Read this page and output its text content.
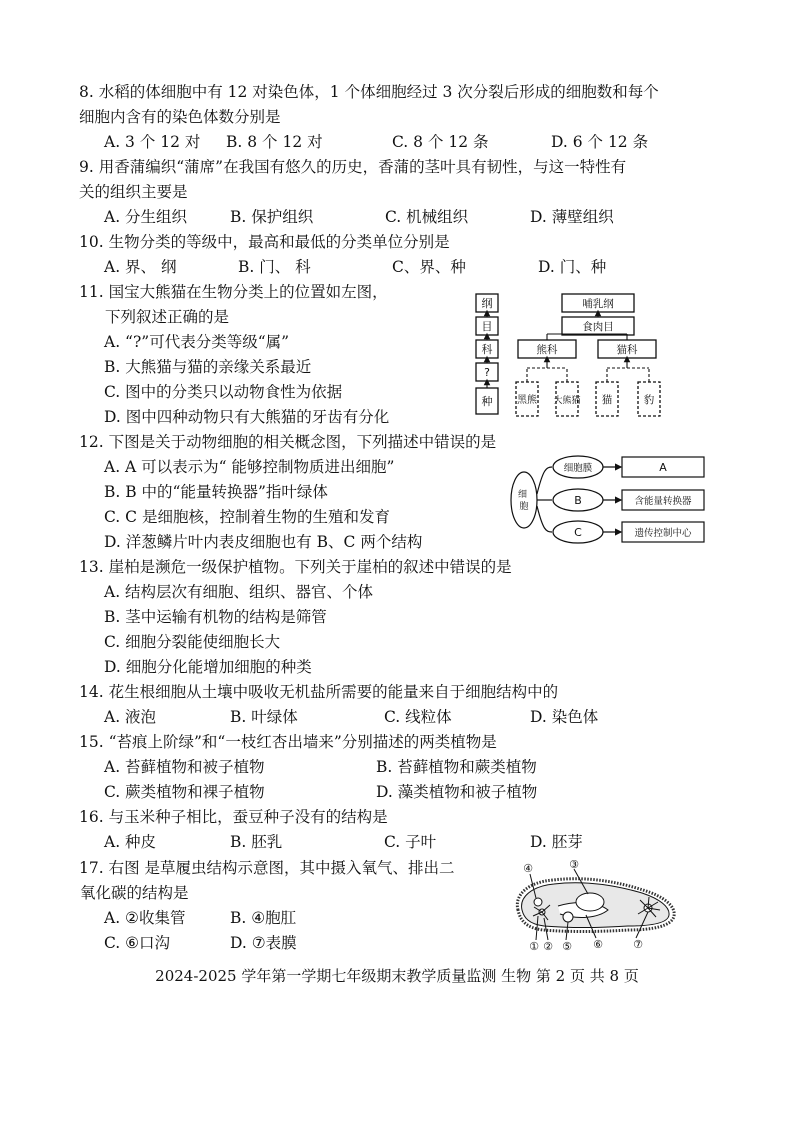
8. 水稻的体细胞中有 12 对染色体，1 个体细胞经过 3 次分裂后形成的细胞数和每个
细胞内含有的染色体数分别是
A. 3 个 12 对 B. 8 个 12 对	C. 8 个 12 条	D. 6 个 12 条
9. 用香蒲编织“蒲席”在我国有悠久的历史，香蒲的茎叶具有韧性，与这一特性有
关的组织主要是
A. 分生组织	B. 保护组织	C. 机械组织	D. 薄壁组织
10. 生物分类的等级中，最高和最低的分类单位分别是
A. 界、 纲	B. 门、 科	C、界、种	D. 门、种
11. 国宝大熊猫在生物分类上的位置如左图，
下列叙述正确的是
A. “?”可代表分类等级“属”
B. 大熊猫与猫的亲缘关系最近
C. 图中的分类只以动物食性为依据
D. 图中四种动物只有大熊猫的牙齿有分化
纲
目
科
?
种
哺乳纲
食肉目
熊科	猫科
黑熊 大熊猫 猫	豹
12. 下图是关于动物细胞的相关概念图，下列描述中错误的是
A. A 可以表示为“ 能够控制物质进出细胞”
B. B 中的“能量转换器”指叶绿体
C. C 是细胞核，控制着生物的生殖和发育
D. 洋葱鳞片叶内表皮细胞也有 B、C 两个结构
细 胞
细胞膜
B
C
A
含能量转换器
遗传控制中心
13. 崖柏是濒危一级保护植物。下列关于崖柏的叙述中错误的是
A. 结构层次有细胞、组织、器官、个体
B. 茎中运输有机物的结构是筛管
C. 细胞分裂能使细胞长大
D. 细胞分化能增加细胞的种类
14. 花生根细胞从土壤中吸收无机盐所需要的能量来自于细胞结构中的
A. 液泡	B. 叶绿体	C. 线粒体	D. 染色体
15. “苔痕上阶绿”和“一枝红杏出墙来”分别描述的两类植物是
A. 苔藓植物和被子植物	B. 苔藓植物和蕨类植物
C. 蕨类植物和裸子植物	D. 藻类植物和被子植物
16. 与玉米种子相比，蚕豆种子没有的结构是
A. 种皮	B. 胚乳	C. 子叶	D. 胚芽
17. 右图 是草履虫结构示意图，其中摄入氧气、排出二
氧化碳的结构是
A. ②收集管	B. ④胞肛
C. ⑥口沟	D. ⑦表膜
④	③
① ② ⑤ ⑥	⑦
2024-2025 学年第一学期七年级期末教学质量监测 生物 第 2 页 共 8 页
